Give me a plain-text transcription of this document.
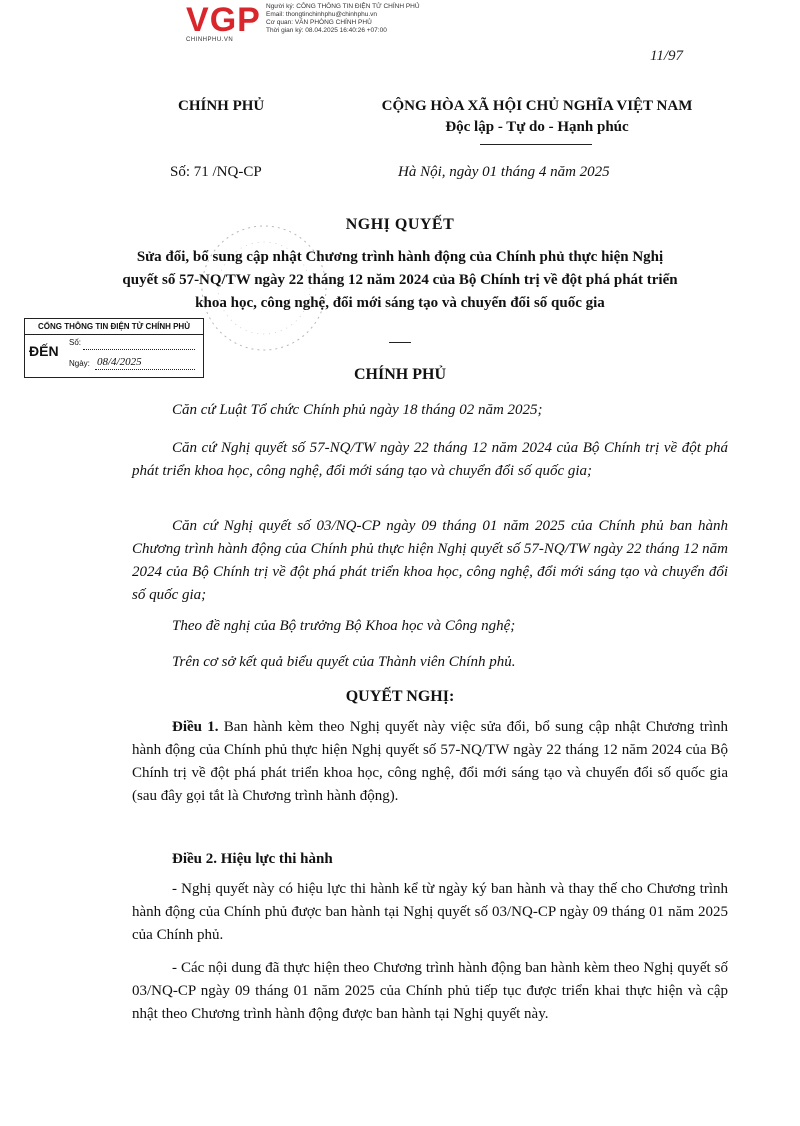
VGP Người ký: CÔNG THÔNG TIN ĐIỆN TỬ CHÍNH PHỦ
Email: thongtinchinhphu@chinhphu.vn
Cơ quan: VĂN PHÒNG CHÍNH PHỦ
Thời gian ký: 08.04.2025 16:40:26 +07:00
CHINHPHU.VN
11/97
CHÍNH PHỦ	CỘNG HÒA XÃ HỘI CHỦ NGHĨA VIỆT NAM
Độc lập - Tự do - Hạnh phúc
Số: 71 /NQ-CP	Hà Nội, ngày 01 tháng 4 năm 2025
NGHỊ QUYẾT
Sửa đổi, bổ sung cập nhật Chương trình hành động của Chính phủ thực hiện Nghị quyết số 57-NQ/TW ngày 22 tháng 12 năm 2024 của Bộ Chính trị về đột phá phát triển khoa học, công nghệ, đổi mới sáng tạo và chuyển đổi số quốc gia
CỔNG THÔNG TIN ĐIỆN TỬ CHÍNH PHỦ
ĐẾN
Số:
Ngày: 08/4/2025
CHÍNH PHỦ
Căn cứ Luật Tổ chức Chính phủ ngày 18 tháng 02 năm 2025;
Căn cứ Nghị quyết số 57-NQ/TW ngày 22 tháng 12 năm 2024 của Bộ Chính trị về đột phá phát triển khoa học, công nghệ, đổi mới sáng tạo và chuyển đổi số quốc gia;
Căn cứ Nghị quyết số 03/NQ-CP ngày 09 tháng 01 năm 2025 của Chính phủ ban hành Chương trình hành động của Chính phủ thực hiện Nghị quyết số 57-NQ/TW ngày 22 tháng 12 năm 2024 của Bộ Chính trị về đột phá phát triển khoa học, công nghệ, đổi mới sáng tạo và chuyển đổi số quốc gia;
Theo đề nghị của Bộ trưởng Bộ Khoa học và Công nghệ;
Trên cơ sở kết quả biểu quyết của Thành viên Chính phủ.
QUYẾT NGHỊ:
Điều 1. Ban hành kèm theo Nghị quyết này việc sửa đổi, bổ sung cập nhật Chương trình hành động của Chính phủ thực hiện Nghị quyết số 57-NQ/TW ngày 22 tháng 12 năm 2024 của Bộ Chính trị về đột phá phát triển khoa học, công nghệ, đổi mới sáng tạo và chuyển đổi số quốc gia (sau đây gọi tắt là Chương trình hành động).
Điều 2. Hiệu lực thi hành
- Nghị quyết này có hiệu lực thi hành kể từ ngày ký ban hành và thay thế cho Chương trình hành động của Chính phủ được ban hành tại Nghị quyết số 03/NQ-CP ngày 09 tháng 01 năm 2025 của Chính phủ.
- Các nội dung đã thực hiện theo Chương trình hành động ban hành kèm theo Nghị quyết số 03/NQ-CP ngày 09 tháng 01 năm 2025 của Chính phủ tiếp tục được triển khai thực hiện và cập nhật theo Chương trình hành động được ban hành tại Nghị quyết này.
